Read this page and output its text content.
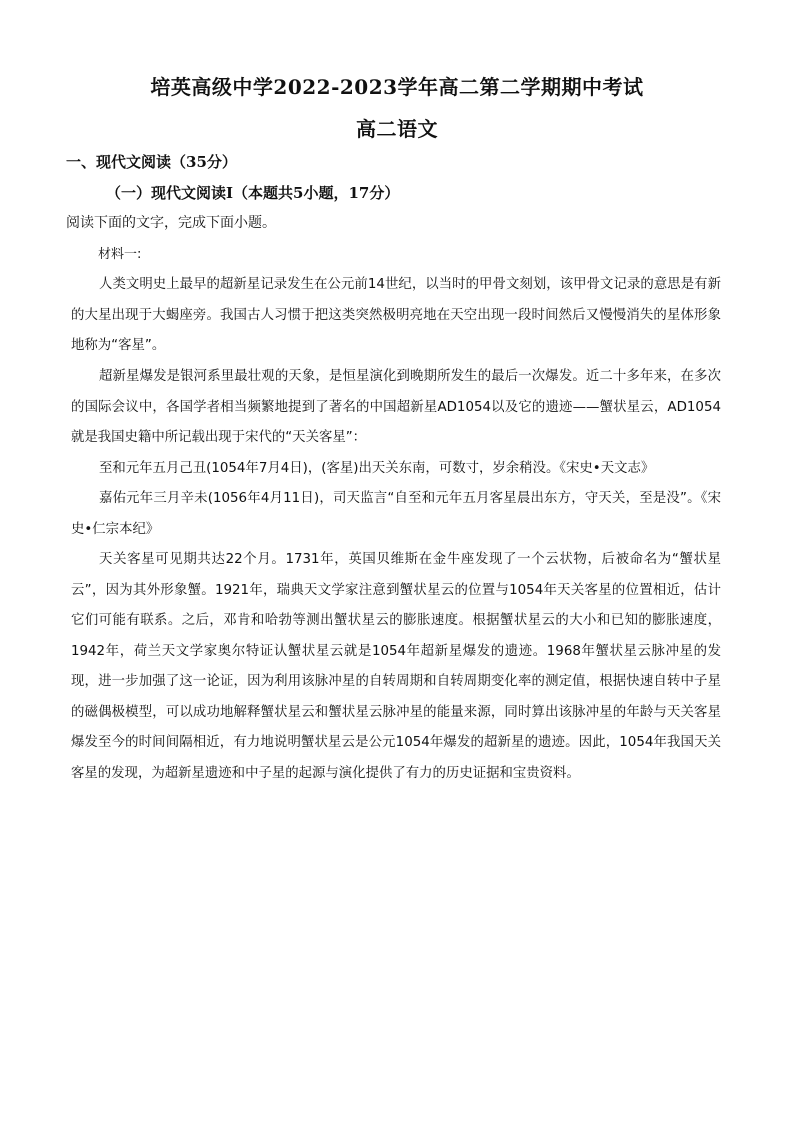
培英高级中学2022-2023学年高二第二学期期中考试
高二语文
一、现代文阅读（35分）
（一）现代文阅读Ⅰ（本题共5小题，17分）
阅读下面的文字，完成下面小题。
材料一:
人类文明史上最早的超新星记录发生在公元前14世纪，以当时的甲骨文刻划，该甲骨文记录的意思是有新的大星出现于大蝎座旁。我国古人习惯于把这类突然极明亮地在天空出现一段时间然后又慢慢消失的星体形象地称为“客星”。
超新星爆发是银河系里最壮观的天象，是恒星演化到晚期所发生的最后一次爆发。近二十多年来，在多次的国际会议中，各国学者相当频繁地提到了著名的中国超新星AD1054以及它的遗迹——蟹状星云，AD1054就是我国史籍中所记载出现于宋代的“天关客星”：
至和元年五月己丑(1054年7月4日)，(客星)出天关东南，可数寸，岁余稍没。《宋史•天文志》
嘉佑元年三月辛未(1056年4月11日)，司天监言“自至和元年五月客星晨出东方，守天关，至是没”。《宋史•仁宗本纪》
天关客星可见期共达22个月。1731年，英国贝维斯在金牛座发现了一个云状物，后被命名为“蟹状星云”，因为其外形象蟹。1921年，瑞典天文学家注意到蟹状星云的位置与1054年天关客星的位置相近，估计它们可能有联系。之后，邓肯和哈勃等测出蟹状星云的膨胀速度。根据蟹状星云的大小和已知的膨胀速度，1942年，荷兰天文学家奥尔特证认蟹状星云就是1054年超新星爆发的遗迹。1968年蟹状星云脉冲星的发现，进一步加强了这一论证，因为利用该脉冲星的自转周期和自转周期变化率的测定值，根据快速自转中子星的磁偶极模型，可以成功地解释蟹状星云和蟹状星云脉冲星的能量来源，同时算出该脉冲星的年龄与天关客星爆发至今的时间间隔相近，有力地说明蟹状星云是公元1054年爆发的超新星的遗迹。因此，1054年我国天关客星的发现，为超新星遗迹和中子星的起源与演化提供了有力的历史证据和宝贵资料。
